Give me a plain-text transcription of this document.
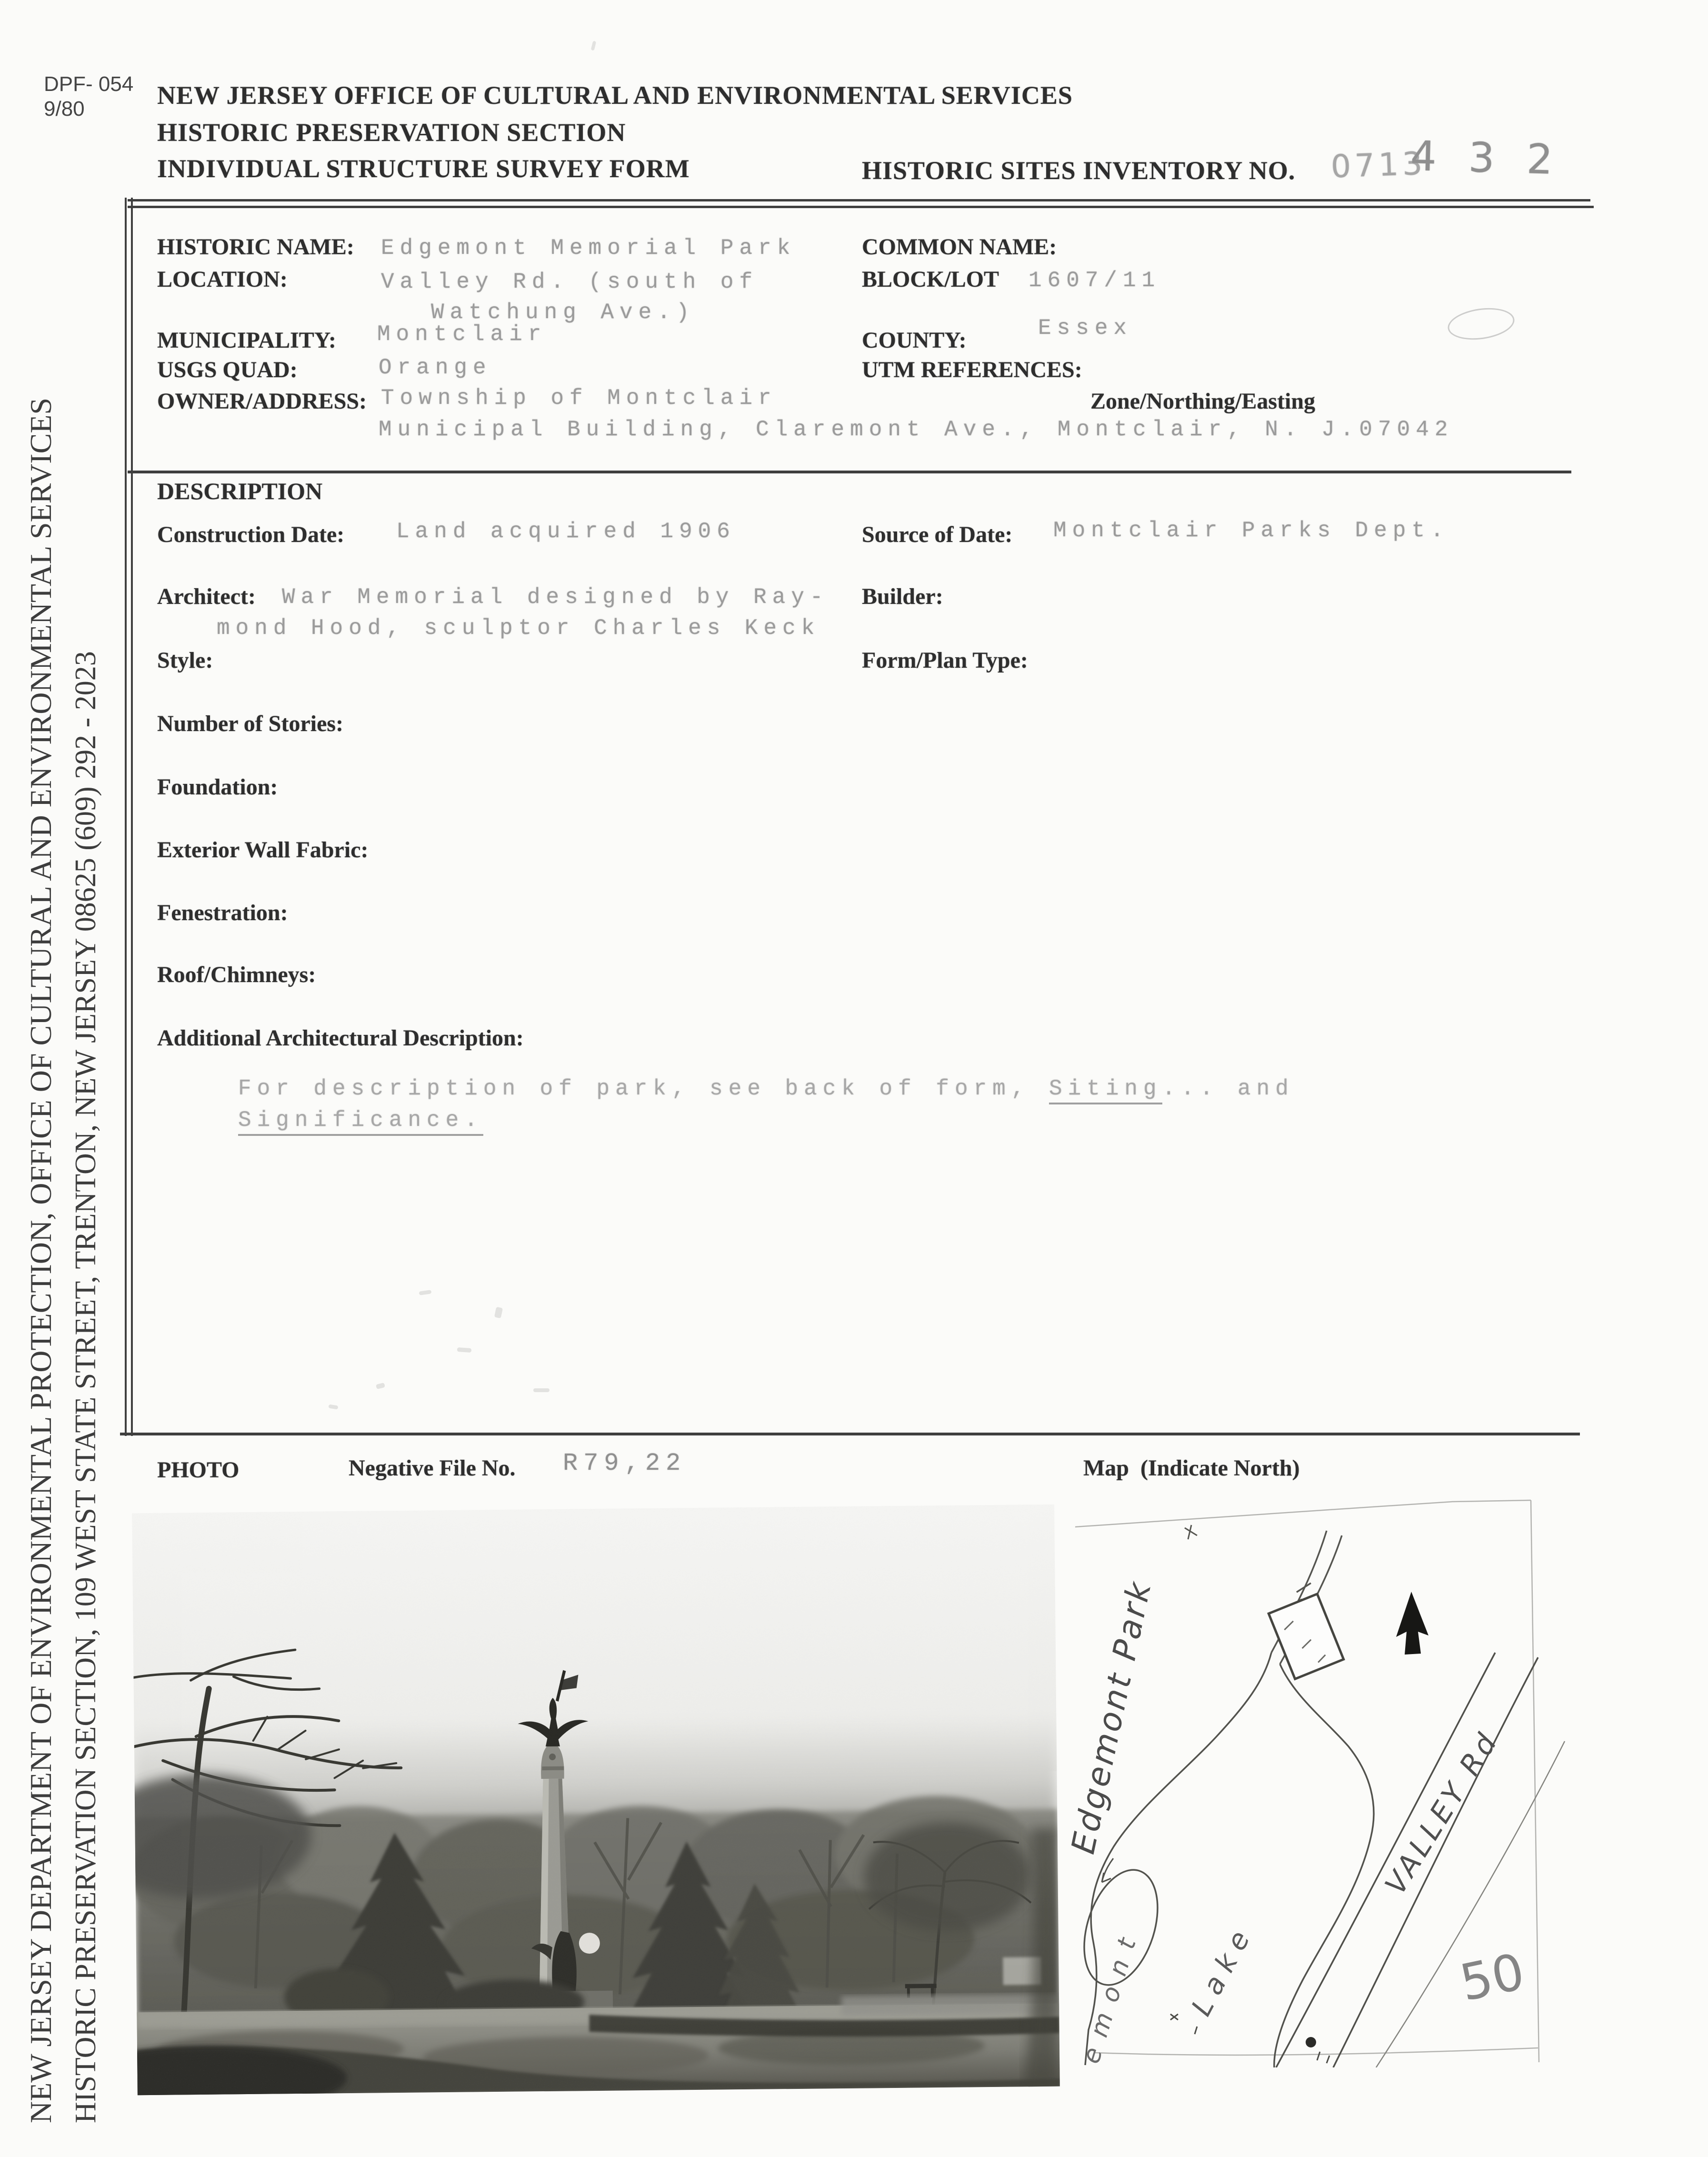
NEW JERSEY DEPARTMENT OF ENVIRONMENTAL PROTECTION, OFFICE OF CULTURAL AND ENVIRONMENTAL SERVICES HISTORIC PRESERVATION SECTION, 109 WEST STATE STREET, TRENTON, NEW JERSEY 08625 (609) 292 - 2023
DPF- 054
9/80	NEW JERSEY OFFICE OF CULTURAL AND ENVIRONMENTAL SERVICES
HISTORIC PRESERVATION SECTION
INDIVIDUAL STRUCTURE SURVEY FORM	HISTORIC SITES INVENTORY NO. 0713
4 3 2
HISTORIC NAME: Edgemont Memorial Park
LOCATION:	Valley Rd. (south of
Watchung Ave.)
MUNICIPALITY: Montclair
USGS QUAD:	Orange
OWNER/ADDRESS: Township of Montclair
Municipal Building, Claremont Ave., Montclair, N. J.07042
COMMON NAME:
BLOCK/LOT 1607/11
COUNTY:	Essex
UTM REFERENCES:
Zone/Northing/Easting
DESCRIPTION
Construction Date: Land acquired 1906	Source of Date: Montclair Parks Dept.
Architect: War Memorial designed by Ray-
mond Hood, sculptor Charles Keck
Builder:
Style:	Form/Plan Type:
Number of Stories:
Foundation:
Exterior Wall Fabric:
Fenestration:
Roof/Chimneys:
Additional Architectural Description:
For description of park, see back of form, Siting... and
Significance.
PHOTO	Negative File No. R79,22	Map (Indicate North)
Edgemont Park
Lake
emont
VALLEY Rd
50
